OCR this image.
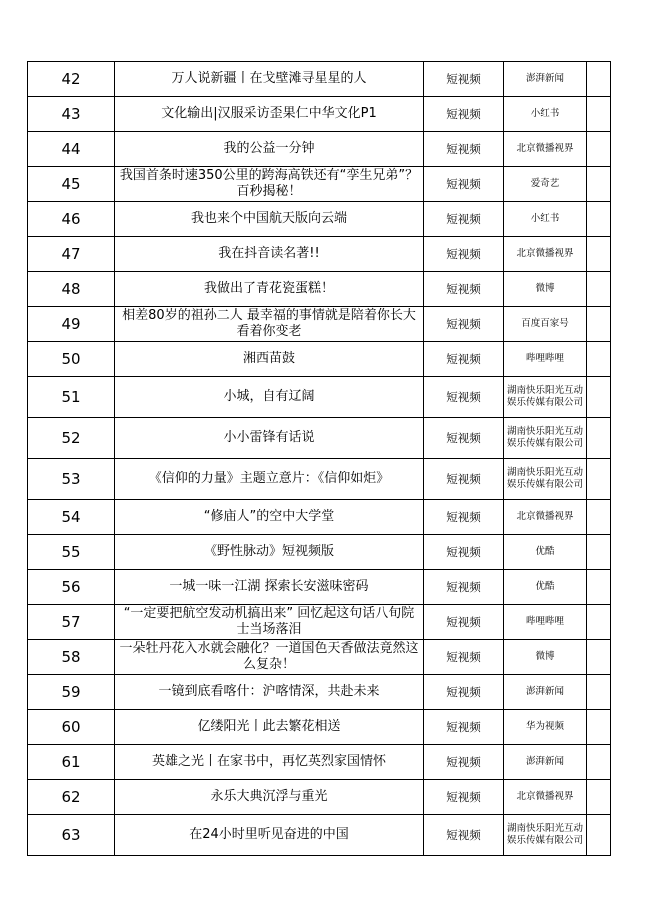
42	万人说新疆丨在戈壁滩寻星星的人	短视频	澎湃新闻	
43	文化输出|汉服采访歪果仁中华文化P1	短视频	小红书	
44	我的公益一分钟	短视频	北京微播视界	
45	我国首条时速350公里的跨海高铁还有“孪生兄弟”？百秒揭秘！	短视频	爱奇艺	
46	我也来个中国航天版向云端	短视频	小红书	
47	我在抖音读名著!!	短视频	北京微播视界	
48	我做出了青花瓷蛋糕！	短视频	微博	
49	相差80岁的祖孙二人 最幸福的事情就是陪着你长大 看着你变老	短视频	百度百家号	
50	湘西苗鼓	短视频	哔哩哔哩	
51	小城，自有辽阔	短视频	湖南快乐阳光互动娱乐传媒有限公司	
52	小小雷锋有话说	短视频	湖南快乐阳光互动娱乐传媒有限公司	
53	《信仰的力量》主题立意片：《信仰如炬》	短视频	湖南快乐阳光互动娱乐传媒有限公司	
54	“修庙人”的空中大学堂	短视频	北京微播视界	
55	《野性脉动》短视频版	短视频	优酷	
56	一城一味一江湖 探索长安滋味密码	短视频	优酷	
57	“一定要把航空发动机搞出来” 回忆起这句话八旬院士当场落泪	短视频	哔哩哔哩	
58	一朵牡丹花入水就会融化？一道国色天香做法竟然这么复杂！	短视频	微博	
59	一镜到底看喀什：沪喀情深，共赴未来	短视频	澎湃新闻	
60	亿缕阳光丨此去繁花相送	短视频	华为视频	
61	英雄之光丨在家书中，再忆英烈家国情怀	短视频	澎湃新闻	
62	永乐大典沉浮与重光	短视频	北京微播视界	
63	在24小时里听见奋进的中国	短视频	湖南快乐阳光互动娱乐传媒有限公司	
